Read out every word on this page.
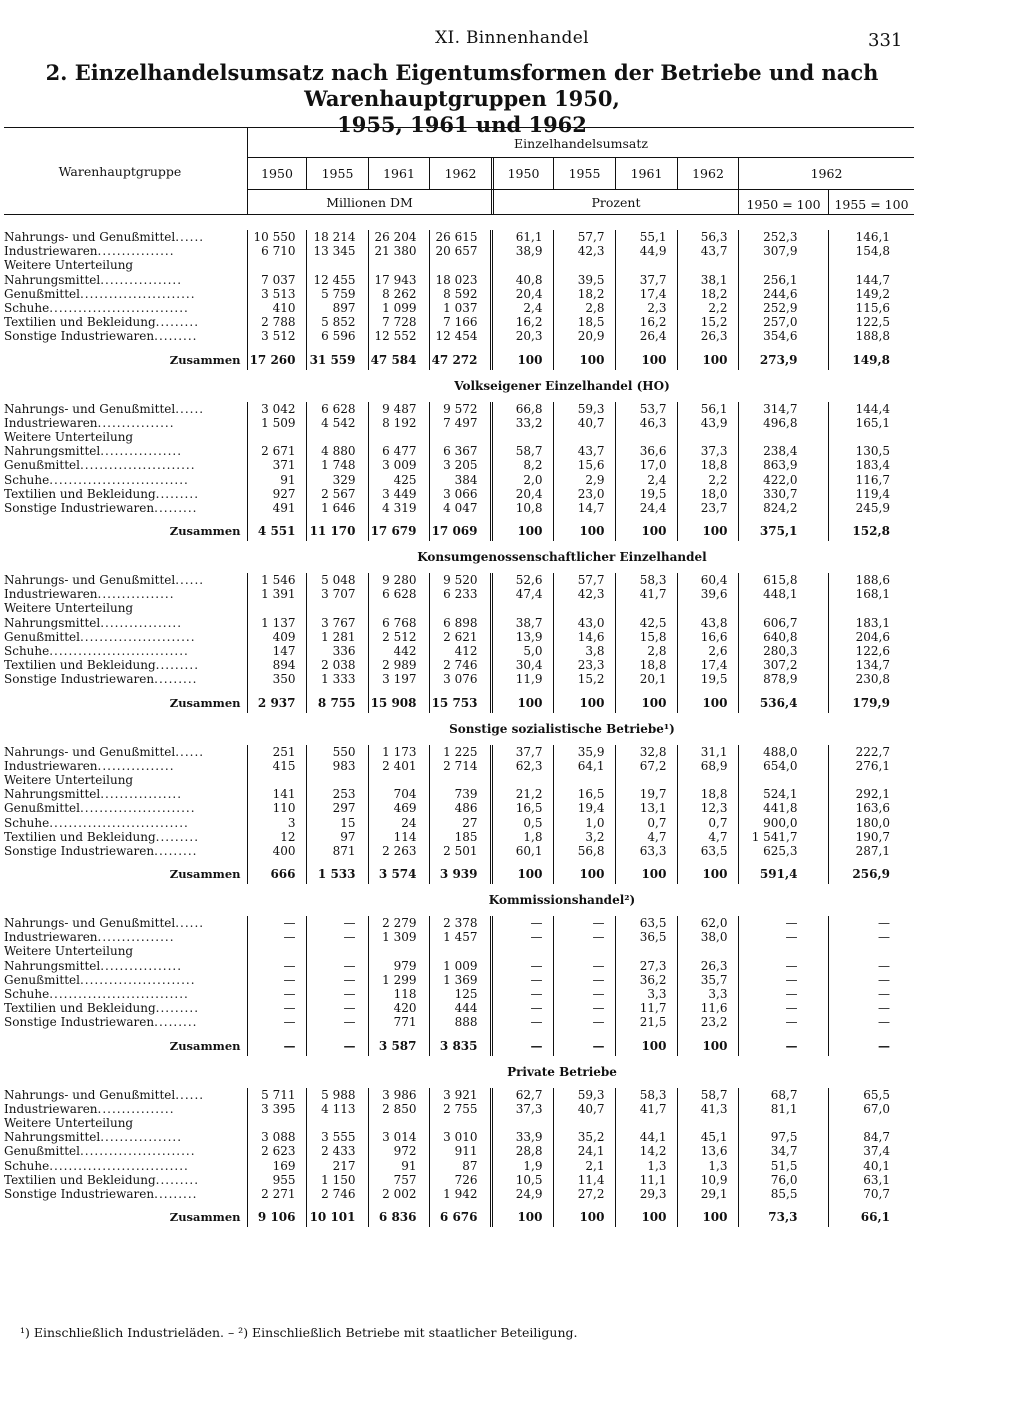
XI. Binnenhandel	331
2. Einzelhandelsumsatz nach Eigentumsformen der Betriebe und nach Warenhauptgruppen 1950,
1955, 1961 und 1962
Warenhauptgruppe
Einzelhandelsumsatz
1950	1955	1961	1962	1950	1955	1961	1962	1962
Millionen DM	Prozent	1950 = 100	1955 = 100
Nahrungs- und Genußmittel......	10 550	18 214	26 204	26 615	61,1	57,7	55,1	56,3	252,3	146,1
Industriewaren................	6 710	13 345	21 380	20 657	38,9	42,3	44,9	43,7	307,9	154,8
Weitere Unterteilung										
Nahrungsmittel.................	7 037	12 455	17 943	18 023	40,8	39,5	37,7	38,1	256,1	144,7
Genußmittel........................	3 513	5 759	8 262	8 592	20,4	18,2	17,4	18,2	244,6	149,2
Schuhe.............................	410	897	1 099	1 037	2,4	2,8	2,3	2,2	252,9	115,6
Textilien und Bekleidung.........	2 788	5 852	7 728	7 166	16,2	18,5	16,2	15,2	257,0	122,5
Sonstige Industriewaren.........	3 512	6 596	12 552	12 454	20,3	20,9	26,4	26,3	354,6	188,8

Zusammen	17 260	31 559	47 584	47 272	100	100	100	100	273,9	149,8
Volkseigener Einzelhandel (HO)										
Nahrungs- und Genußmittel......	3 042	6 628	9 487	9 572	66,8	59,3	53,7	56,1	314,7	144,4
Industriewaren................	1 509	4 542	8 192	7 497	33,2	40,7	46,3	43,9	496,8	165,1
Weitere Unterteilung										
Nahrungsmittel.................	2 671	4 880	6 477	6 367	58,7	43,7	36,6	37,3	238,4	130,5
Genußmittel........................	371	1 748	3 009	3 205	8,2	15,6	17,0	18,8	863,9	183,4
Schuhe.............................	91	329	425	384	2,0	2,9	2,4	2,2	422,0	116,7
Textilien und Bekleidung.........	927	2 567	3 449	3 066	20,4	23,0	19,5	18,0	330,7	119,4
Sonstige Industriewaren.........	491	1 646	4 319	4 047	10,8	14,7	24,4	23,7	824,2	245,9

Zusammen	4 551	11 170	17 679	17 069	100	100	100	100	375,1	152,8
Konsumgenossenschaftlicher Einzelhandel										
Nahrungs- und Genußmittel......	1 546	5 048	9 280	9 520	52,6	57,7	58,3	60,4	615,8	188,6
Industriewaren................	1 391	3 707	6 628	6 233	47,4	42,3	41,7	39,6	448,1	168,1
Weitere Unterteilung										
Nahrungsmittel.................	1 137	3 767	6 768	6 898	38,7	43,0	42,5	43,8	606,7	183,1
Genußmittel........................	409	1 281	2 512	2 621	13,9	14,6	15,8	16,6	640,8	204,6
Schuhe.............................	147	336	442	412	5,0	3,8	2,8	2,6	280,3	122,6
Textilien und Bekleidung.........	894	2 038	2 989	2 746	30,4	23,3	18,8	17,4	307,2	134,7
Sonstige Industriewaren.........	350	1 333	3 197	3 076	11,9	15,2	20,1	19,5	878,9	230,8

Zusammen	2 937	8 755	15 908	15 753	100	100	100	100	536,4	179,9
Sonstige sozialistische Betriebe¹)										
Nahrungs- und Genußmittel......	251	550	1 173	1 225	37,7	35,9	32,8	31,1	488,0	222,7
Industriewaren................	415	983	2 401	2 714	62,3	64,1	67,2	68,9	654,0	276,1
Weitere Unterteilung										
Nahrungsmittel.................	141	253	704	739	21,2	16,5	19,7	18,8	524,1	292,1
Genußmittel........................	110	297	469	486	16,5	19,4	13,1	12,3	441,8	163,6
Schuhe.............................	3	15	24	27	0,5	1,0	0,7	0,7	900,0	180,0
Textilien und Bekleidung.........	12	97	114	185	1,8	3,2	4,7	4,7	1 541,7	190,7
Sonstige Industriewaren.........	400	871	2 263	2 501	60,1	56,8	63,3	63,5	625,3	287,1

Zusammen	666	1 533	3 574	3 939	100	100	100	100	591,4	256,9
Kommissionshandel²)										
Nahrungs- und Genußmittel......	—	—	2 279	2 378	—	—	63,5	62,0	—	—
Industriewaren................	—	—	1 309	1 457	—	—	36,5	38,0	—	—
Weitere Unterteilung										
Nahrungsmittel.................	—	—	979	1 009	—	—	27,3	26,3	—	—
Genußmittel........................	—	—	1 299	1 369	—	—	36,2	35,7	—	—
Schuhe.............................	—	—	118	125	—	—	3,3	3,3	—	—
Textilien und Bekleidung.........	—	—	420	444	—	—	11,7	11,6	—	—
Sonstige Industriewaren.........	—	—	771	888	—	—	21,5	23,2	—	—

Zusammen	—	—	3 587	3 835	—	—	100	100	—	—
Private Betriebe										
Nahrungs- und Genußmittel......	5 711	5 988	3 986	3 921	62,7	59,3	58,3	58,7	68,7	65,5
Industriewaren................	3 395	4 113	2 850	2 755	37,3	40,7	41,7	41,3	81,1	67,0
Weitere Unterteilung										
Nahrungsmittel.................	3 088	3 555	3 014	3 010	33,9	35,2	44,1	45,1	97,5	84,7
Genußmittel........................	2 623	2 433	972	911	28,8	24,1	14,2	13,6	34,7	37,4
Schuhe.............................	169	217	91	87	1,9	2,1	1,3	1,3	51,5	40,1
Textilien und Bekleidung.........	955	1 150	757	726	10,5	11,4	11,1	10,9	76,0	63,1
Sonstige Industriewaren.........	2 271	2 746	2 002	1 942	24,9	27,2	29,3	29,1	85,5	70,7

Zusammen	9 106	10 101	6 836	6 676	100	100	100	100	73,3	66,1
¹) Einschließlich Industrieläden. – ²) Einschließlich Betriebe mit staatlicher Beteiligung.
